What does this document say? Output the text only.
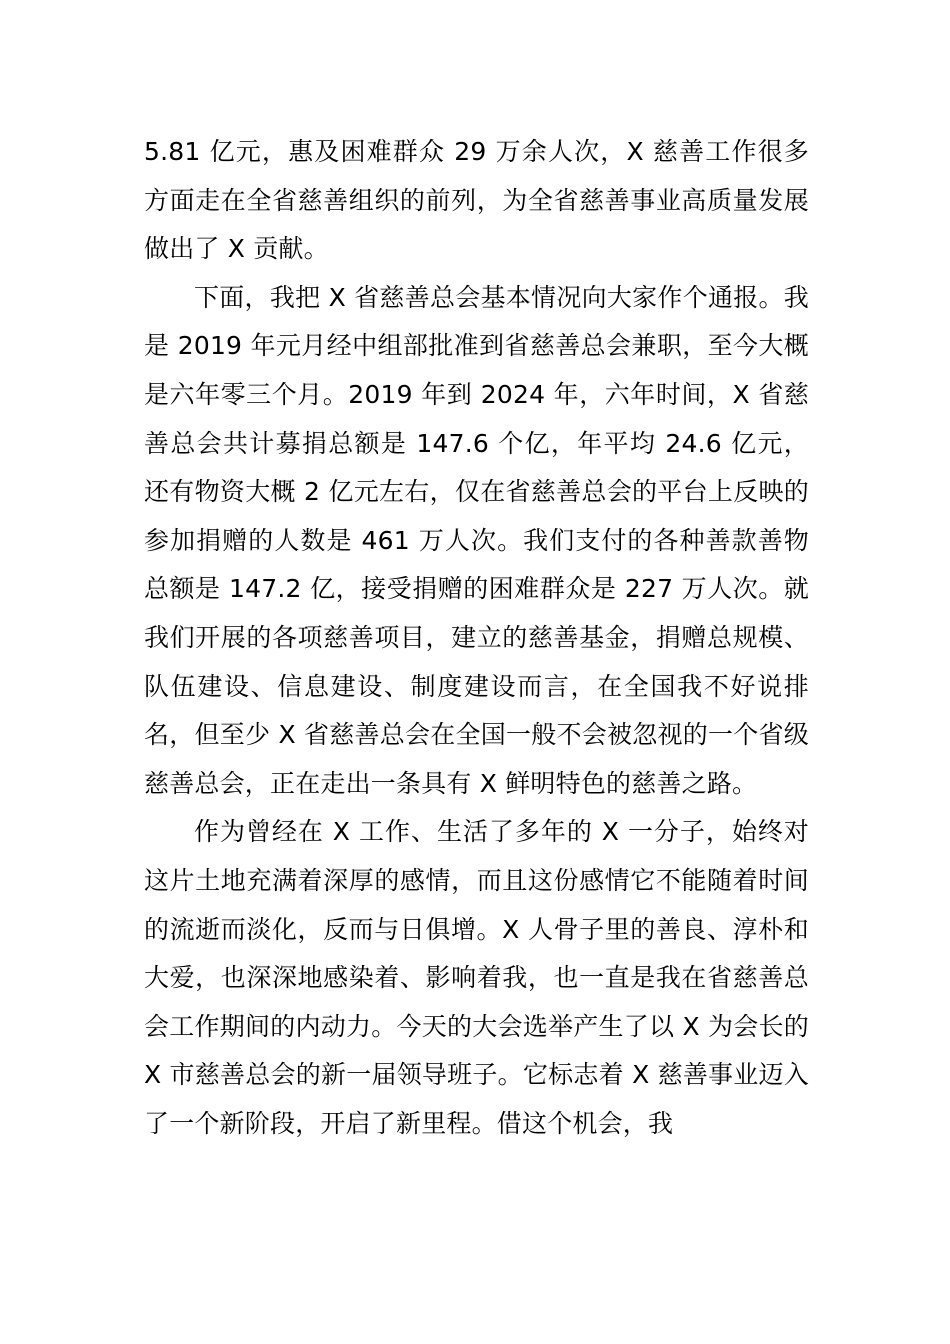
5.81 亿元，惠及困难群众 29 万余人次，X 慈善工作很多方面走在全省慈善组织的前列，为全省慈善事业高质量发展做出了 X 贡献。

下面，我把 X 省慈善总会基本情况向大家作个通报。我是 2019 年元月经中组部批准到省慈善总会兼职，至今大概是六年零三个月。2019 年到 2024 年，六年时间，X 省慈善总会共计募捐总额是 147.6 个亿，年平均 24.6 亿元，还有物资大概 2 亿元左右，仅在省慈善总会的平台上反映的参加捐赠的人数是 461 万人次。我们支付的各种善款善物总额是 147.2 亿，接受捐赠的困难群众是 227 万人次。就我们开展的各项慈善项目，建立的慈善基金，捐赠总规模、队伍建设、信息建设、制度建设而言，在全国我不好说排名，但至少 X 省慈善总会在全国一般不会被忽视的一个省级慈善总会，正在走出一条具有 X 鲜明特色的慈善之路。

作为曾经在 X 工作、生活了多年的 X 一分子，始终对这片土地充满着深厚的感情，而且这份感情它不能随着时间的流逝而淡化，反而与日俱增。X 人骨子里的善良、淳朴和大爱，也深深地感染着、影响着我，也一直是我在省慈善总会工作期间的内动力。今天的大会选举产生了以 X 为会长的 X 市慈善总会的新一届领导班子。它标志着 X 慈善事业迈入了一个新阶段，开启了新里程。借这个机会，我
